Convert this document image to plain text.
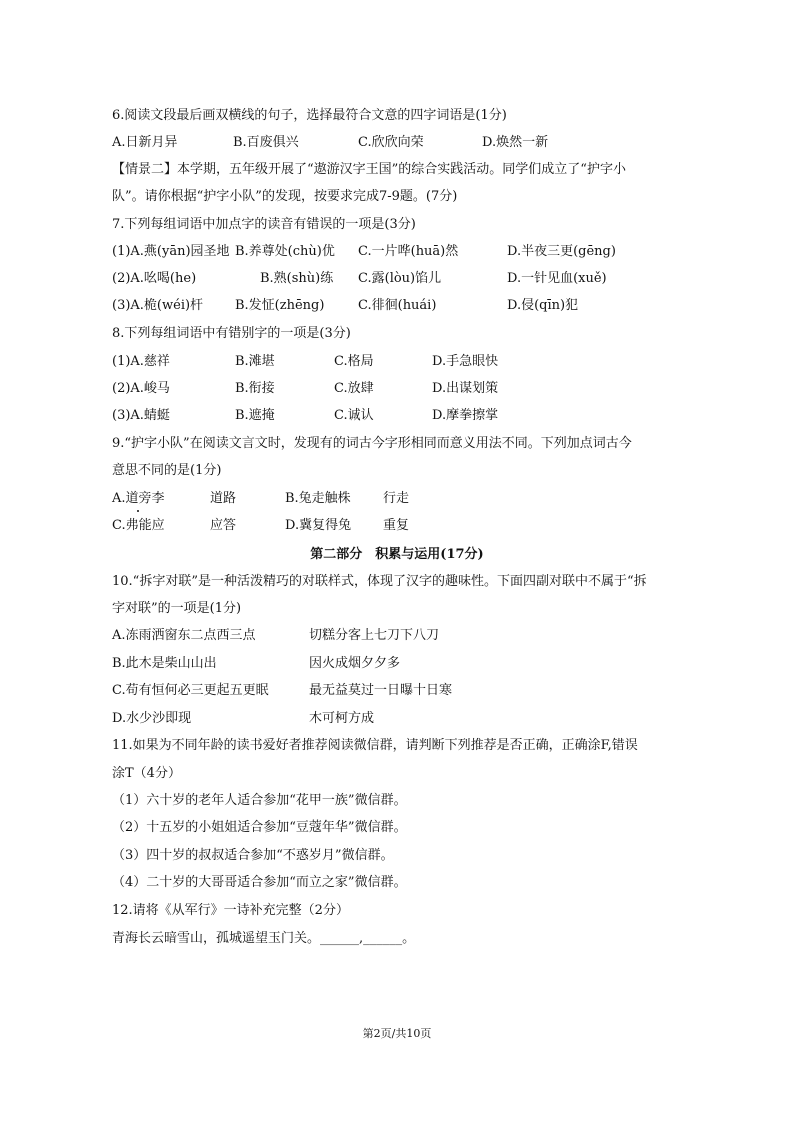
6.阅读文段最后画双横线的句子，选择最符合文意的四字词语是(1分)
A.日新月异	B.百废俱兴	C.欣欣向荣	D.焕然一新
【情景二】本学期，五年级开展了“遨游汉字王国”的综合实践活动。同学们成立了“护字小
队”。请你根据“护字小队”的发现，按要求完成7-9题。(7分)
7.下列每组词语中加点字的读音有错误的一项是(3分)
(1)A.燕(yān)园圣地 B.养尊处(chù)优 C.一片哗(huā)然	D.半夜三更(gēng)
(2)A.吆喝(he)	B.熟(shù)练 C.露(lòu)馅儿	D.一针见血(xuě)
(3)A.桅(wéi)杆 B.发怔(zhēng)	C.徘徊(huái)	D.侵(qīn)犯
8.下列每组词语中有错别字的一项是(3分)
(1)A.慈祥	B.滩堪	C.格局	D.手急眼快
(2)A.峻马	B.衔接	C.放肆	D.出谋划策
(3)A.蜻蜓	B.遮掩	C.诚认	D.摩拳擦掌
9.“护字小队”在阅读文言文时，发现有的词古今字形相同而意义用法不同。下列加点词古今
意思不同的是(1分)
A.道旁李	道路	B.兔走触株 行走
C.弗能应	应答	D.冀复得兔 重复
第二部分　积累与运用(17分)
10.“拆字对联”是一种活泼精巧的对联样式，体现了汉字的趣味性。下面四副对联中不属于“拆
字对联”的一项是(1分)
A.冻雨洒窗东二点西三点	切糕分客上七刀下八刀
B.此木是柴山山出	因火成烟夕夕多
C.苟有恒何必三更起五更眠	最无益莫过一日曝十日寒
D.水少沙即现	木可柯方成
11.如果为不同年龄的读书爱好者推荐阅读微信群，请判断下列推荐是否正确，正确涂F,错误
涂T（4分）
（1）六十岁的老年人适合参加“花甲一族”微信群。
（2）十五岁的小姐姐适合参加“豆蔻年华”微信群。
（3）四十岁的叔叔适合参加“不惑岁月”微信群。
（4）二十岁的大哥哥适合参加“而立之家”微信群。
12.请将《从军行》一诗补充完整（2分）
青海长云暗雪山，孤城遥望玉门关。______,______。
第2页/共10页
